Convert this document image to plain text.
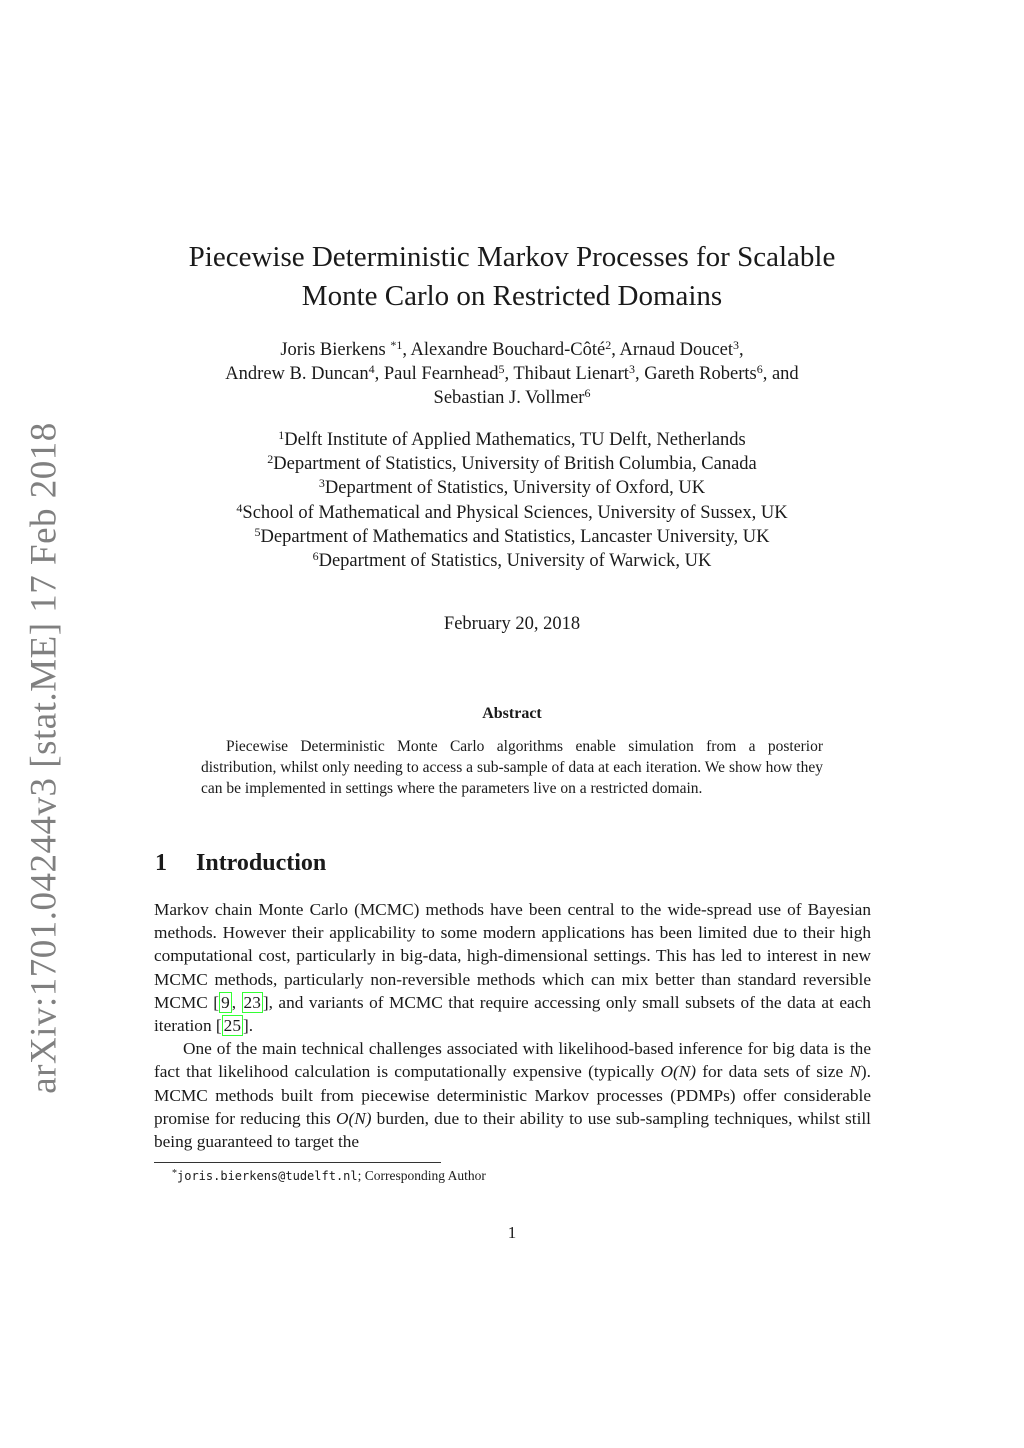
arXiv:1701.04244v3 [stat.ME] 17 Feb 2018
Piecewise Deterministic Markov Processes for Scalable
Monte Carlo on Restricted Domains
Joris Bierkens $^{*1}$, Alexandre Bouchard-Côté$^2$, Arnaud Doucet$^3$,
Andrew B. Duncan$^4$, Paul Fearnhead$^5$, Thibaut Lienart$^3$, Gareth Roberts$^6$, and
Sebastian J. Vollmer$^6$
$^1$Delft Institute of Applied Mathematics, TU Delft, Netherlands
$^2$Department of Statistics, University of British Columbia, Canada
$^3$Department of Statistics, University of Oxford, UK
$^4$School of Mathematical and Physical Sciences, University of Sussex, UK
$^5$Department of Mathematics and Statistics, Lancaster University, UK
$^6$Department of Statistics, University of Warwick, UK
February 20, 2018
Abstract

Piecewise Deterministic Monte Carlo algorithms enable simulation from a posterior distribution, whilst only needing to access a sub-sample of data at each iteration. We show how they can be implemented in settings where the parameters live on a restricted domain.

1 Introduction

Markov chain Monte Carlo (MCMC) methods have been central to the wide-spread use of Bayesian methods. However their applicability to some modern applications has been limited due to their high computational cost, particularly in big-data, high-dimensional settings. This has led to interest in new MCMC methods, particularly non-reversible methods which can mix better than standard reversible MCMC [ 9 , 23 ], and variants of MCMC that require accessing only small subsets of the data at each iteration [ 25 ].

One of the main technical challenges associated with likelihood-based inference for big data is the fact that likelihood calculation is computationally expensive (typically O(N) for data sets of size N). MCMC methods built from piecewise deterministic Markov processes (PDMPs) offer considerable promise for reducing this O(N) burden, due to their ability to use sub-sampling techniques, whilst still being guaranteed to target the

*joris.bierkens@tudelft.nl; Corresponding Author
1
